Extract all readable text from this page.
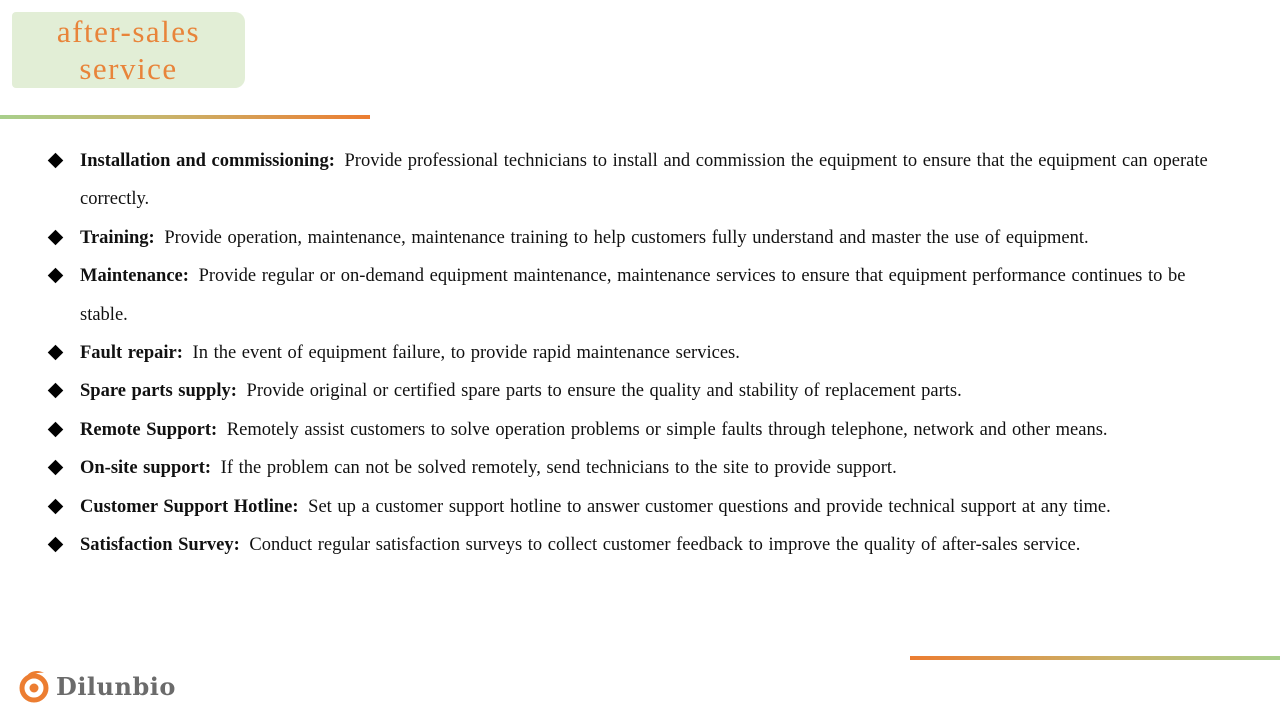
after-sales service
Installation and commissioning: Provide professional technicians to install and commission the equipment to ensure that the equipment can operate correctly.
Training: Provide operation, maintenance, maintenance training to help customers fully understand and master the use of equipment.
Maintenance: Provide regular or on-demand equipment maintenance, maintenance services to ensure that equipment performance continues to be stable.
Fault repair: In the event of equipment failure, to provide rapid maintenance services.
Spare parts supply: Provide original or certified spare parts to ensure the quality and stability of replacement parts.
Remote Support: Remotely assist customers to solve operation problems or simple faults through telephone, network and other means.
On-site support: If the problem can not be solved remotely, send technicians to the site to provide support.
Customer Support Hotline: Set up a customer support hotline to answer customer questions and provide technical support at any time.
Satisfaction Survey: Conduct regular satisfaction surveys to collect customer feedback to improve the quality of after-sales service.
Dilunbio
